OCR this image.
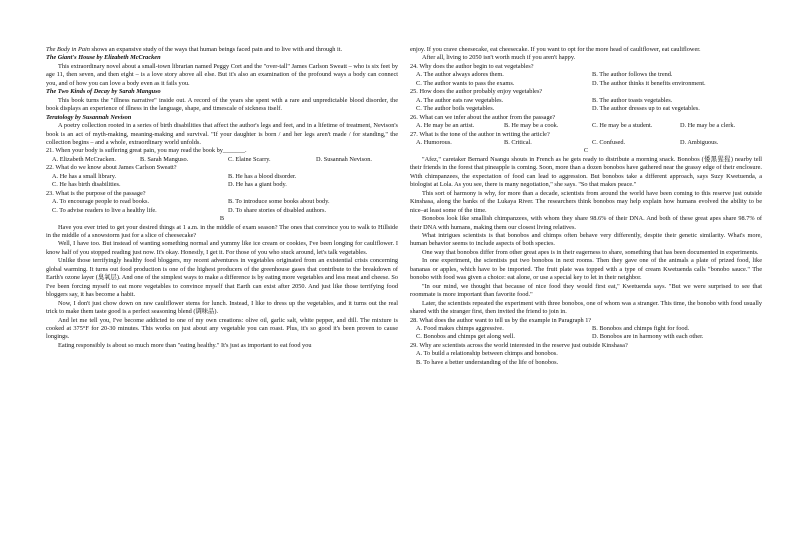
The Body in Pain shows an expansive study of the ways that human beings faced pain and to live with and through it.

The Giant's House by Elizabeth McCracken

This extraordinary novel about a small-town librarian named Peggy Cort and the "over-tall" James Carlson Sweatt – who is six feet by age 11, then seven, and then eight – is a love story above all else. But it's also an examination of the profound ways a body can connect you, and of how you can love a body even as it fails you.

The Two Kinds of Decay by Sarah Manguso

This book turns the "illness narrative" inside out. A record of the years she spent with a rare and unpredictable blood disorder, the book displays an experience of illness in the language, shape, and timescale of sickness itself.

Teratology by Susannah Nevison

A poetry collection rooted in a series of birth disabilities that affect the author's legs and feet, and in a lifetime of treatment, Nevison's book is an act of myth-making, meaning-making and survival. "If your daughter is born / and her legs aren't made / for standing," the collection begins – and a whole, extraordinary world unfolds.

21. When your body is suffering great pain, you may read the book by_______.

A. Elizabeth McCracken.	B. Sarah Manguso.	C. Elaine Scarry.	D. Susannah Nevison.

22. What do we know about James Carlson Sweatt?

A. He has a small library.	B. He has a blood disorder.
C. He has birth disabilities.	D. He has a giant body.

23. What is the purpose of the passage?

A. To encourage people to read books.	B. To introduce some books about body.
C. To advise readers to live a healthy life.	D. To share stories of disabled authors.

B

Have you ever tried to get your desired things at 1 a.m. in the middle of exam season? The ones that convince you to walk to Hillside in the middle of a snowstorm just for a slice of cheesecake?

Well, I have too. But instead of wanting something normal and yummy like ice cream or cookies, I've been longing for cauliflower. I know half of you stopped reading just now. It's okay. Honestly, I get it. For those of you who stuck around, let's talk vegetables.

Unlike those terrifyingly healthy food bloggers, my recent adventures in vegetables originated from an existential crisis concerning global warming. It turns out food production is one of the highest producers of the greenhouse gases that contribute to the breakdown of Earth's ozone layer (臭氧层). And one of the simplest ways to make a difference is by eating more vegetables and less meat and cheese. So I've been forcing myself to eat more vegetables to convince myself that Earth can exist after 2050. And just like those terrifying food bloggers say, it has become a habit.

Now, I don't just chow down on raw cauliflower stems for lunch. Instead, I like to dress up the vegetables, and it turns out the real trick to make them taste good is a perfect seasoning blend (调味品).

And let me tell you, I've become addicted to one of my own creations: olive oil, garlic salt, white pepper, and dill. The mixture is cooked at 375°F for 20-30 minutes. This works on just about any vegetable you can roast. Plus, it's so good it's been proven to cause longings.

Eating responsibly is about so much more than "eating healthy." It's just as important to eat food you

enjoy. If you crave cheesecake, eat cheesecake. If you want to opt for the more head of cauliflower, eat cauliflower.

After all, living to 2050 isn't worth much if you aren't happy.

24. Why does the author begin to eat vegetables?

A. The author always adores them.	B. The author follows the trend.
C. The author wants to pass the exams.	D. The author thinks it benefits environment.

25. How does the author probably enjoy vegetables?

A. The author eats raw vegetables.	B. The author toasts vegetables.
C. The author boils vegetables.	D. The author dresses up to eat vegetables.

26. What can we infer about the author from the passage?

A. He may be an artist.	B. He may be a cook.	C. He may be a student.	D. He may be a clerk.

27. What is the tone of the author in writing the article?

A. Humorous.	B. Critical.	C. Confused.	D. Ambiguous.

C

"Afez," caretaker Bernard Nsangu shouts in French as he gets ready to distribute a morning snack. Bonobos (倭黑猩猩) nearby tell their friends in the forest that pineapple is coming. Soon, more than a dozen bonobos have gathered near the grassy edge of their enclosure. With chimpanzees, the expectation of food can lead to aggression. But bonobos take a different approach, says Suzy Kwetuenda, a biologist at Lola. As you see, there is many negotiation," she says. "So that makes peace."

This sort of harmony is why, for more than a decade, scientists from around the world have been coming to this reserve just outside Kinshasa, along the banks of the Lukaya River. The researchers think bonobos may help explain how humans evolved the ability to be nice–at least some of the time.

Bonobos look like smallish chimpanzees, with whom they share 98.6% of their DNA. And both of these great apes share 98.7% of their DNA with humans, making them our closest living relatives.

What intrigues scientists is that bonobos and chimps often behave very differently, despite their genetic similarity. What's more, human behavior seems to include aspects of both species.

One way that bonobos differ from other great apes is in their eagerness to share, something that has been documented in experiments.

In one experiment, the scientists put two bonobos in next rooms. Then they gave one of the animals a plate of prized food, like bananas or apples, which have to be imported. The fruit plate was topped with a type of cream Kwetuenda calls "bonobo sauce." The bonobo with food was given a choice: eat alone, or use a special key to let in their neighbor.

"In our mind, we thought that because of nice food they would first eat," Kwetuenda says. "But we were surprised to see that roommate is more important than favorite food."

Later, the scientists repeated the experiment with three bonobos, one of whom was a stranger. This time, the bonobo with food usually shared with the stranger first, then invited the friend to join in.

28. What does the author want to tell us by the example in Paragraph 1?

A. Food makes chimps aggressive.	B. Bonobos and chimps fight for food.
C. Bonobos and chimps get along well.	D. Bonobos are in harmony with each other.

29. Why are scientists across the world interested in the reserve just outside Kinshasa?

A. To build a relationship between chimps and bonobos.

B. To have a better understanding of the life of bonobos.
